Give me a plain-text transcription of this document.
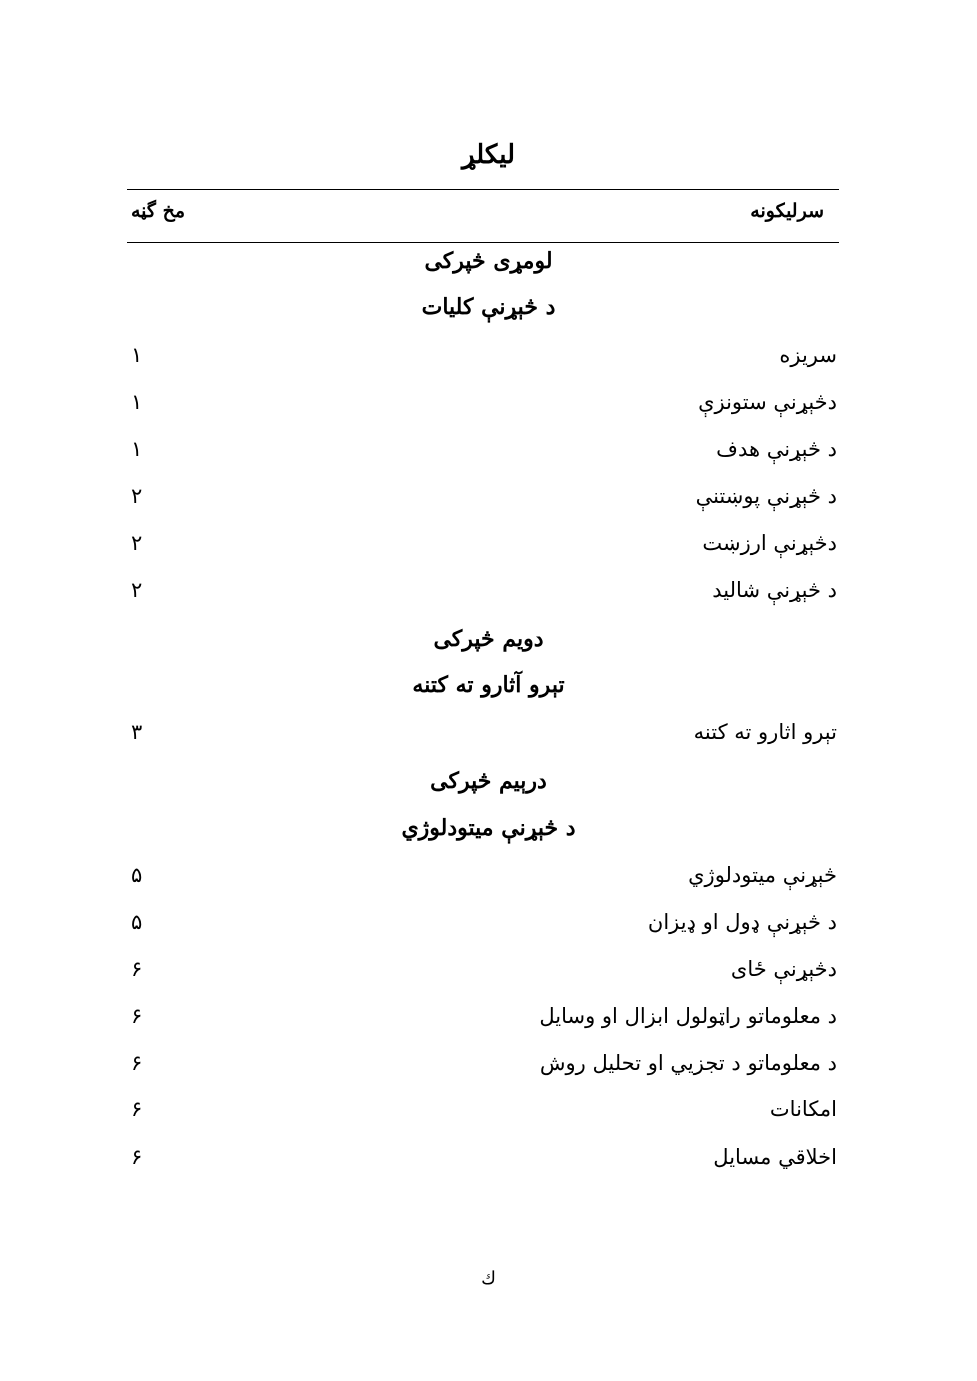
لیکلړ
سرلیکونه
مخ گڼه
لومړی څپرکی
د څېړنې کلیات
سریزه
۱
دڅېړنې ستونزې
۱
د څېړنې هدف
۱
د څېړنې پوښتنې
۲
دڅېړنې ارزښت
۲
د څېړنې شالید
۲
دویم څپرکی
تېرو آثارو ته کتنه
تېرو اثارو ته کتنه
۳
درېیم څپرکی
د څېړنې میتودلوژي
څېړنې میتودلوژي
۵
د څېړنې ډول او ډیزان
۵
دڅېړنې ځای
۶
د معلوماتو راټولول ابزال او وسایل
۶
د معلوماتو د تجزیي او تحلیل روش
۶
امکانات
۶
اخلاقي مسایل
۶
ك
